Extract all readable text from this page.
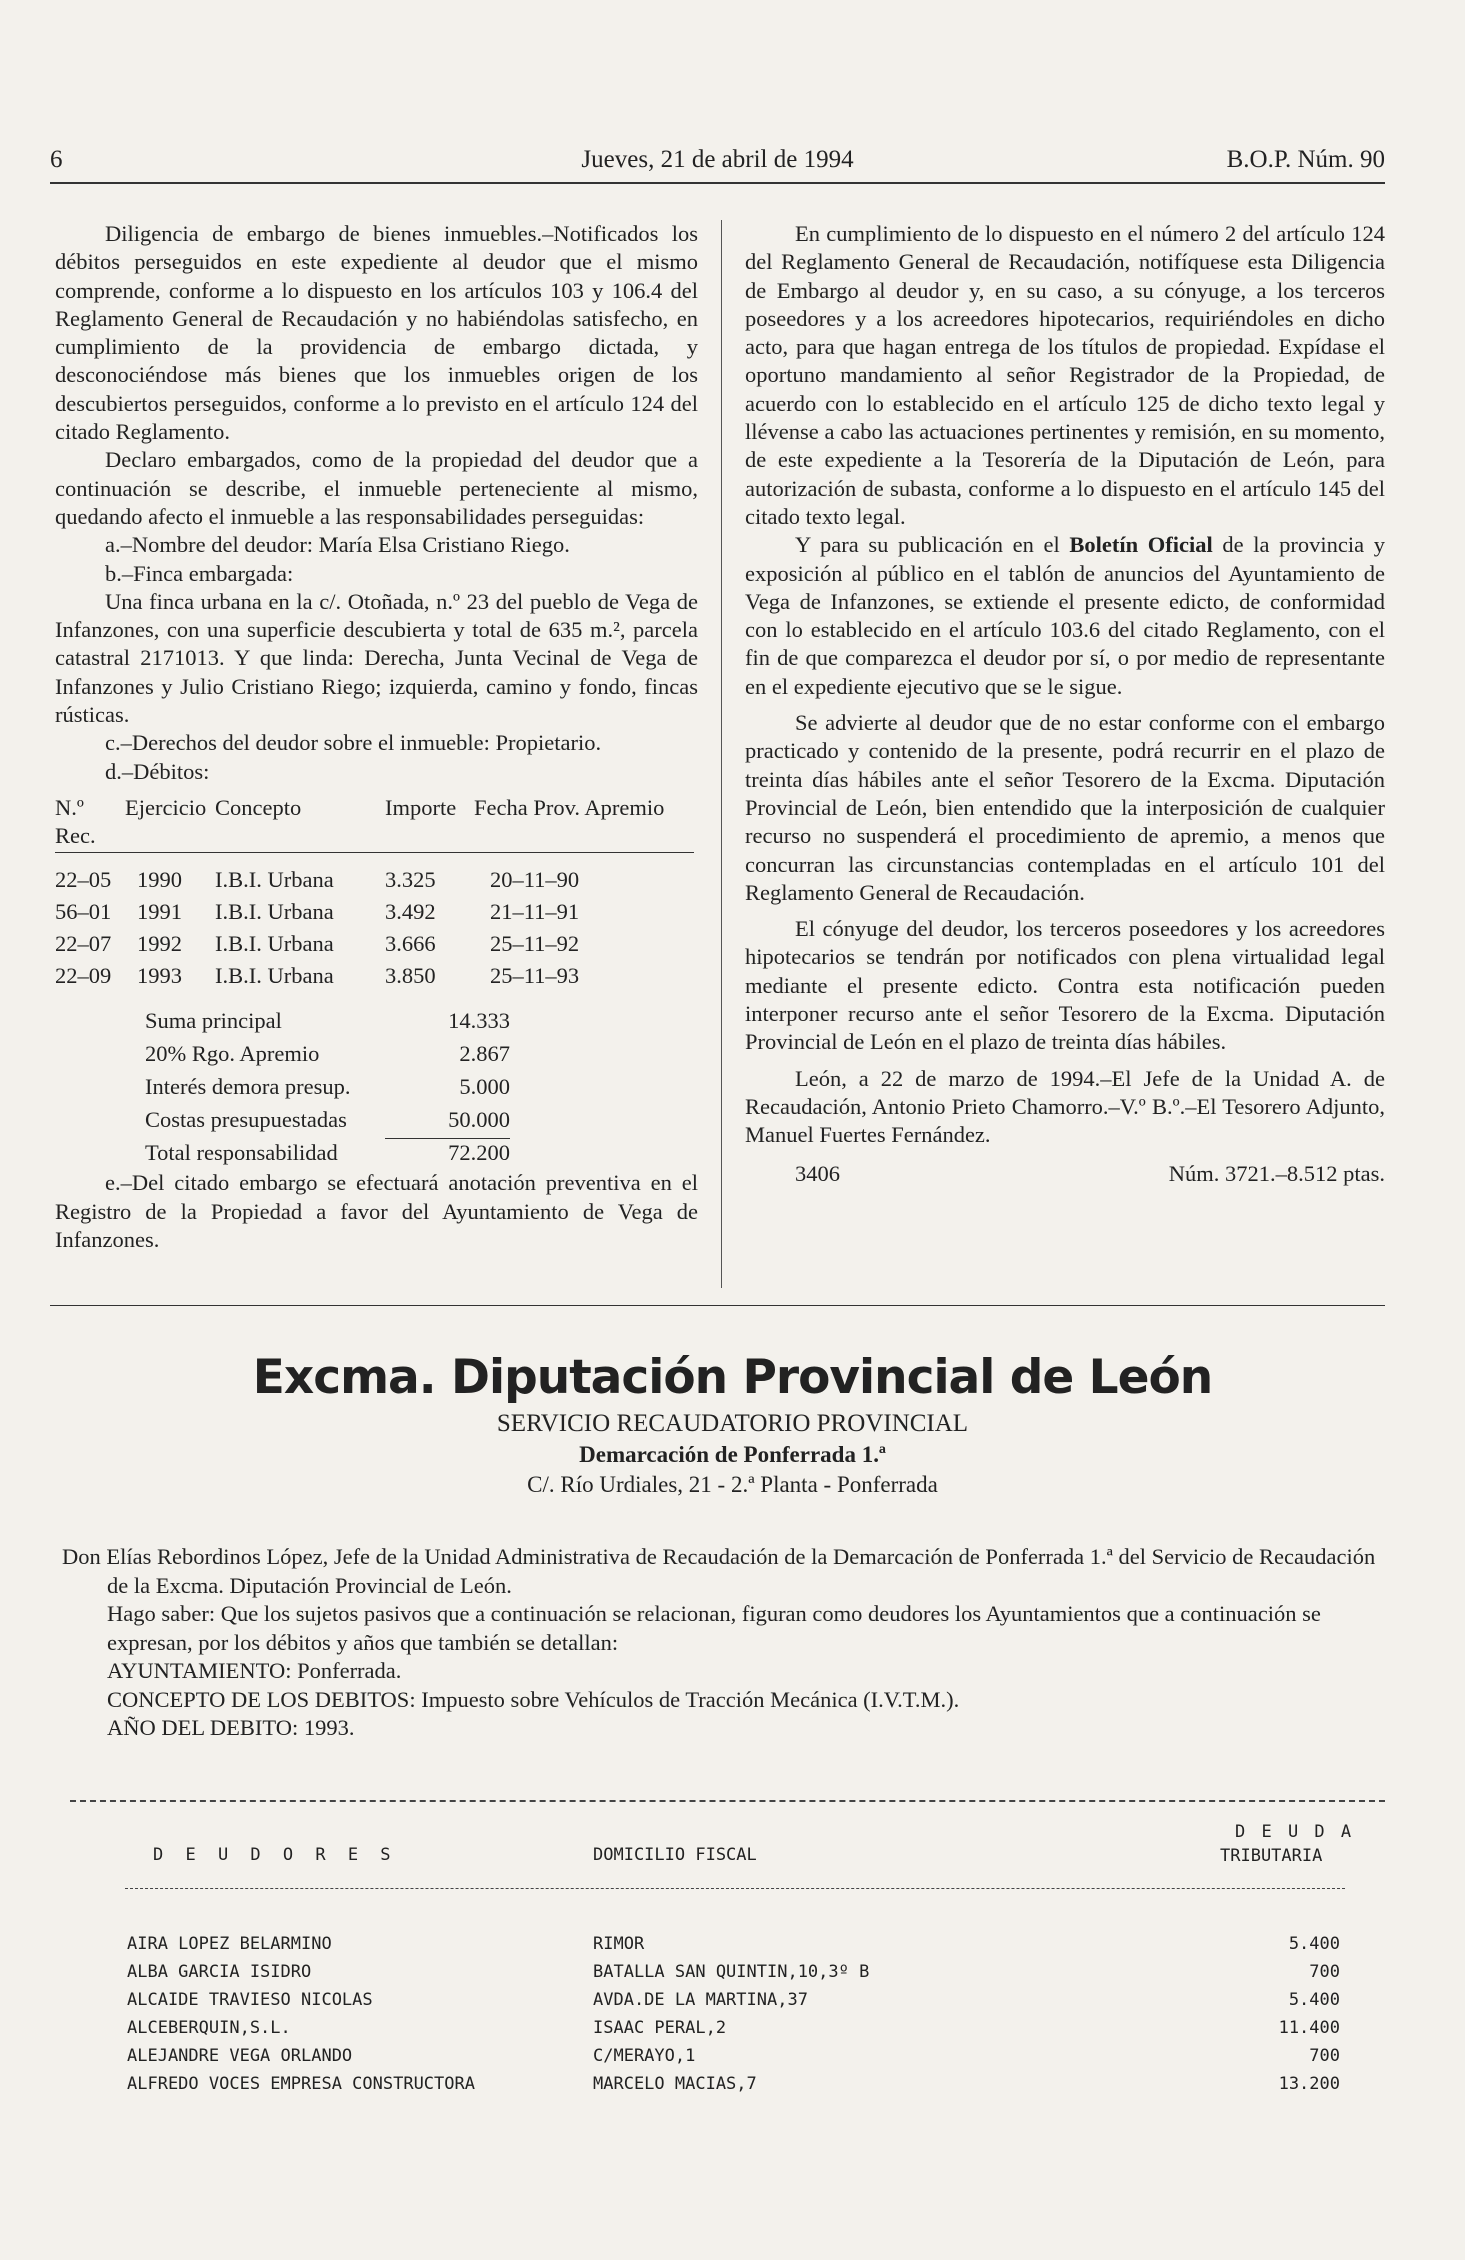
6	Jueves, 21 de abril de 1994	B.O.P. Núm. 90

Diligencia de embargo de bienes inmuebles.–Notificados los débitos perseguidos en este expediente al deudor que el mismo comprende, conforme a lo dispuesto en los artículos 103 y 106.4 del Reglamento General de Recaudación y no habiéndolas satisfecho, en cumplimiento de la providencia de embargo dictada, y desconociéndose más bienes que los inmuebles origen de los descubiertos perseguidos, conforme a lo previsto en el artículo 124 del citado Reglamento.

Declaro embargados, como de la propiedad del deudor que a continuación se describe, el inmueble perteneciente al mismo, quedando afecto el inmueble a las responsabilidades perseguidas:

a.–Nombre del deudor: María Elsa Cristiano Riego.

b.–Finca embargada:

Una finca urbana en la c/. Otoñada, n.º 23 del pueblo de Vega de Infanzones, con una superficie descubierta y total de 635 m.², parcela catastral 2171013. Y que linda: Derecha, Junta Vecinal de Vega de Infanzones y Julio Cristiano Riego; izquierda, camino y fondo, fincas rústicas.

c.–Derechos del deudor sobre el inmueble: Propietario.

d.–Débitos:

N.º Rec.	Ejercicio	Concepto	Importe	Fecha Prov. Apremio

22–05	1990	I.B.I. Urbana	3.325	20–11–90
56–01	1991	I.B.I. Urbana	3.492	21–11–91
22–07	1992	I.B.I. Urbana	3.666	25–11–92
22–09	1993	I.B.I. Urbana	3.850	25–11–93
Suma principal	14.333
20% Rgo. Apremio	2.867
Interés demora presup.	5.000
Costas presupuestadas	50.000
Total responsabilidad	72.200

e.–Del citado embargo se efectuará anotación preventiva en el Registro de la Propiedad a favor del Ayuntamiento de Vega de Infanzones.

En cumplimiento de lo dispuesto en el número 2 del artículo 124 del Reglamento General de Recaudación, notifíquese esta Diligencia de Embargo al deudor y, en su caso, a su cónyuge, a los terceros poseedores y a los acreedores hipotecarios, requiriéndoles en dicho acto, para que hagan entrega de los títulos de propiedad. Expídase el oportuno mandamiento al señor Registrador de la Propiedad, de acuerdo con lo establecido en el artículo 125 de dicho texto legal y llévense a cabo las actuaciones pertinentes y remisión, en su momento, de este expediente a la Tesorería de la Diputación de León, para autorización de subasta, conforme a lo dispuesto en el artículo 145 del citado texto legal.

Y para su publicación en el Boletín Oficial de la provincia y exposición al público en el tablón de anuncios del Ayuntamiento de Vega de Infanzones, se extiende el presente edicto, de conformidad con lo establecido en el artículo 103.6 del citado Reglamento, con el fin de que comparezca el deudor por sí, o por medio de representante en el expediente ejecutivo que se le sigue.

Se advierte al deudor que de no estar conforme con el embargo practicado y contenido de la presente, podrá recurrir en el plazo de treinta días hábiles ante el señor Tesorero de la Excma. Diputación Provincial de León, bien entendido que la interposición de cualquier recurso no suspenderá el procedimiento de apremio, a menos que concurran las circunstancias contempladas en el artículo 101 del Reglamento General de Recaudación.

El cónyuge del deudor, los terceros poseedores y los acreedores hipotecarios se tendrán por notificados con plena virtualidad legal mediante el presente edicto. Contra esta notificación pueden interponer recurso ante el señor Tesorero de la Excma. Diputación Provincial de León en el plazo de treinta días hábiles.

León, a 22 de marzo de 1994.–El Jefe de la Unidad A. de Recaudación, Antonio Prieto Chamorro.–V.º B.º.–El Tesorero Adjunto, Manuel Fuertes Fernández.

3406	Núm. 3721.–8.512 ptas.
Excma. Diputación Provincial de León
SERVICIO RECAUDATORIO PROVINCIAL
Demarcación de Ponferrada 1.ª
C/. Río Urdiales, 21 - 2.ª Planta - Ponferrada

Don Elías Rebordinos López, Jefe de la Unidad Administrativa de Recaudación de la Demarcación de Ponferrada 1.ª del Servicio de Recaudación de la Excma. Diputación Provincial de León.

Hago saber: Que los sujetos pasivos que a continuación se relacionan, figuran como deudores los Ayuntamientos que a continuación se expresan, por los débitos y años que también se detallan:

AYUNTAMIENTO: Ponferrada.

CONCEPTO DE LOS DEBITOS: Impuesto sobre Vehículos de Tracción Mecánica (I.V.T.M.).

AÑO DEL DEBITO: 1993.

D E U D O R E S	DOMICILIO FISCAL
D E U D A
TRIBUTARIA
AIRA LOPEZ BELARMINO	RIMOR	5.400
ALBA GARCIA ISIDRO	BATALLA SAN QUINTIN,10,3º B	700
ALCAIDE TRAVIESO NICOLAS	AVDA.DE LA MARTINA,37	5.400
ALCEBERQUIN,S.L.	ISAAC PERAL,2	11.400
ALEJANDRE VEGA ORLANDO	C/MERAYO,1	700
ALFREDO VOCES EMPRESA CONSTRUCTORA	MARCELO MACIAS,7	13.200
